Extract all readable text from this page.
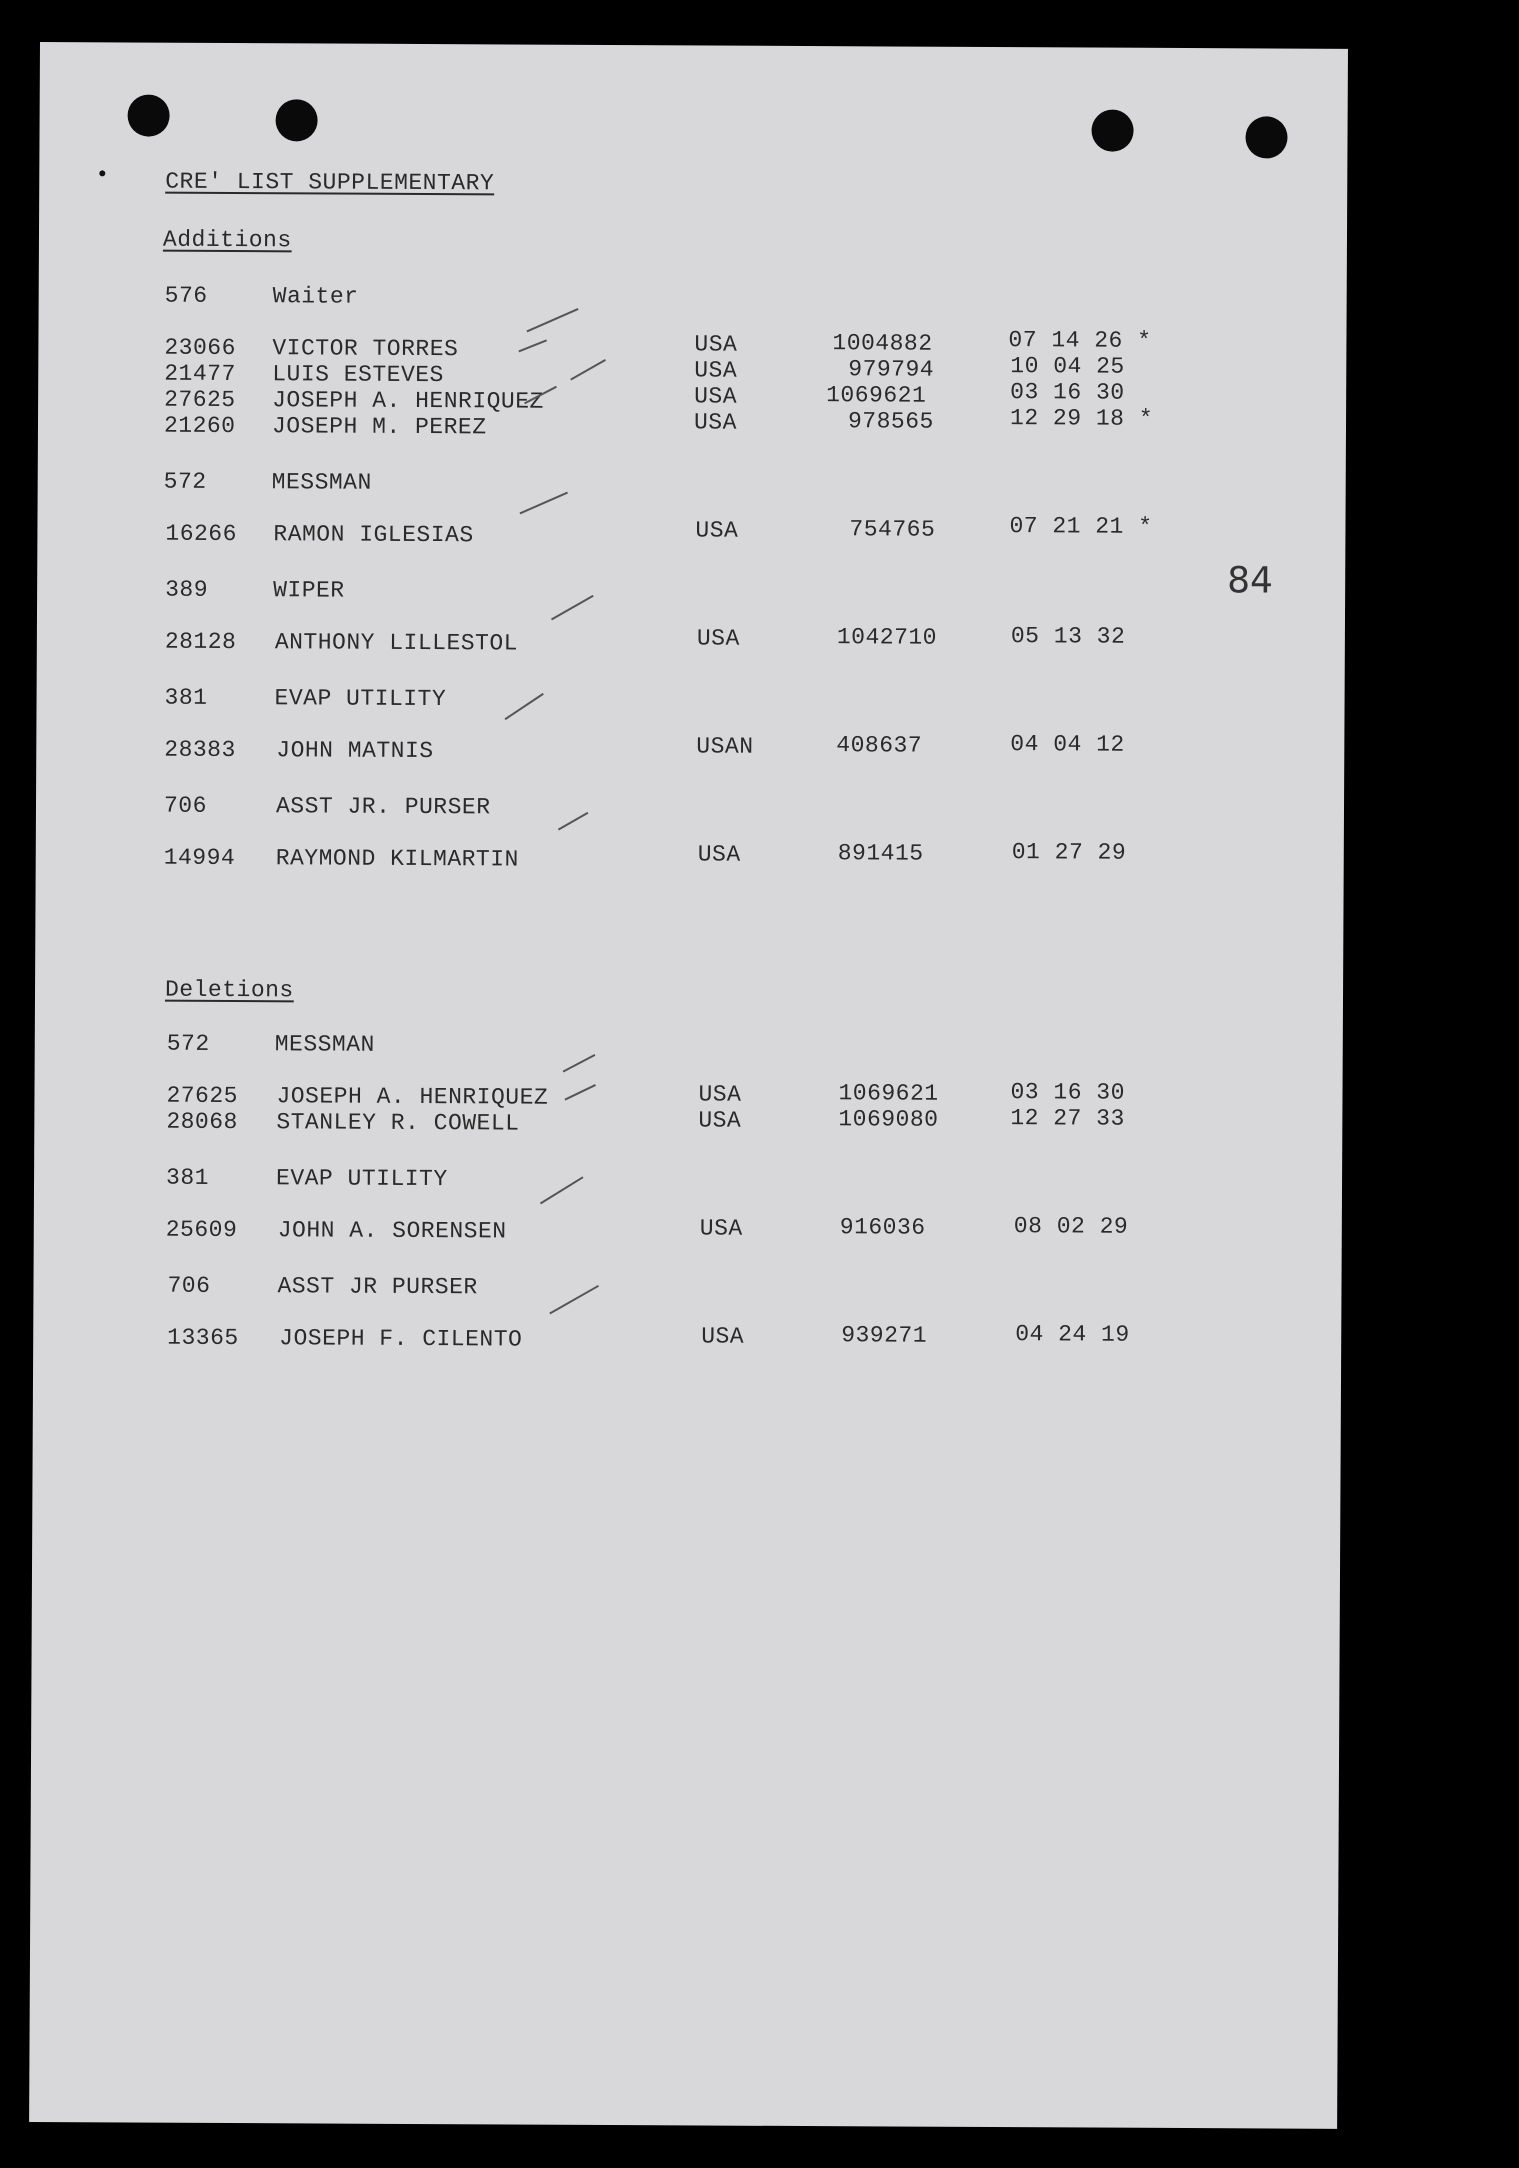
CRE' LIST SUPPLEMENTARY
84
Additions
576	Waiter
23066 VICTOR TORRES	USA	1004882	07 14 26 *
21477 LUIS ESTEVES	USA	979794	10 04 25
27625 JOSEPH A. HENRIQUEZ	USA	1069621	03 16 30
21260 JOSEPH M. PEREZ	USA	978565	12 29 18 *
572	MESSMAN
16266 RAMON IGLESIAS	USA	754765	07 21 21 *
389	WIPER
28128 ANTHONY LILLESTOL	USA	1042710	05 13 32
381	EVAP UTILITY
28383 JOHN MATNIS	USAN	408637	04 04 12
706	ASST JR. PURSER
14994 RAYMOND KILMARTIN	USA	891415	01 27 29
Deletions
572	MESSMAN
27625 JOSEPH A. HENRIQUEZ	USA	1069621	03 16 30
28068 STANLEY R. COWELL	USA	1069080	12 27 33
381	EVAP UTILITY
25609 JOHN A. SORENSEN	USA	916036	08 02 29
706	ASST JR PURSER
13365 JOSEPH F. CILENTO	USA	939271	04 24 19
